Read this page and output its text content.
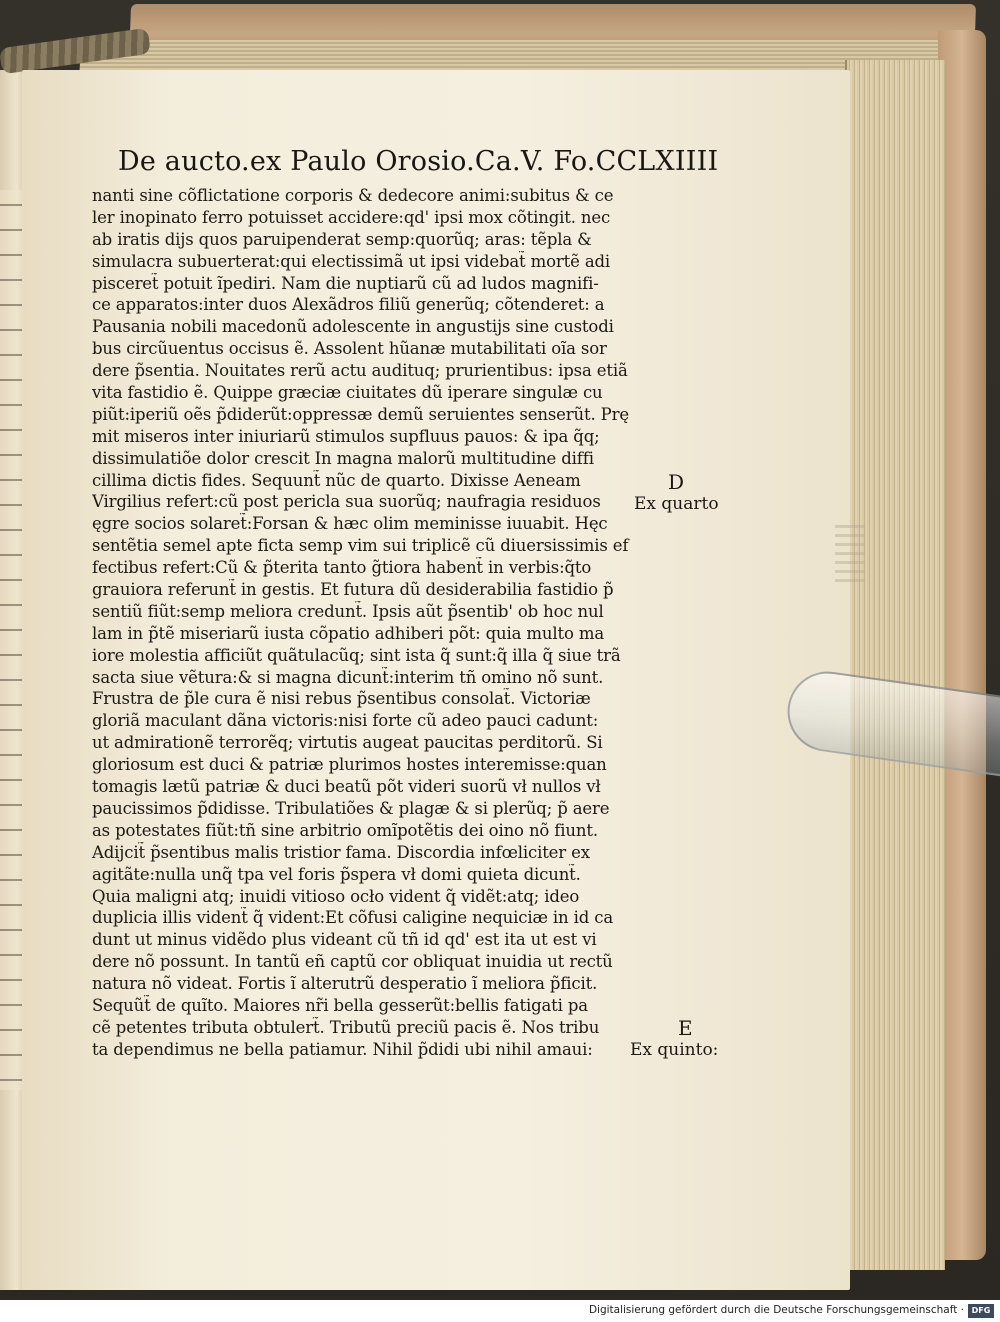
De aucto.ex Paulo Orosio.Ca.V. Fo.CCLXIIII
nanti sine cõflictatione corporis & dedecore animi:subitus & ce
ler inopinato ferro potuisset accidere:qd' ipsi mox cõtingit. nec
ab iratis dijs quos paruipenderat semp:quorũq; aras: tẽpla &
simulacra subuerterat:qui electissimã ut ipsi videbat̃ mortẽ adi
pisceret̃ potuit ĩpediri. Nam die nuptiarũ cũ ad ludos magnifi-
ce apparatos:inter duos Alexãdros filiũ generũq; cõtenderet: a
Pausania nobili macedonũ adolescente in angustijs sine custodi
bus circũuentus occisus ẽ. Assolent hũanæ mutabilitati oĩa sor
dere p̃sentia. Nouitates rerũ actu audituq; prurientibus: ipsa etiã
vita fastidio ẽ. Quippe græciæ ciuitates dũ iperare singulæ cu
piũt:iperiũ oẽs p̃diderũt:oppressæ demũ seruientes senserũt. Prę
mit miseros inter iniuriarũ stimulos supfluus pauos: & ipa q̃q;
dissimulatiõe dolor crescit In magna malorũ multitudine diffi
cillima dictis fides. Sequunt̃ nũc de quarto. Dixisse Aeneam
Virgilius refert:cũ post pericla sua suorũq; naufragia residuos
ęgre socios solaret̃:Forsan & hæc olim meminisse iuuabit. Hęc
sentẽtia semel apte ficta semp vim sui triplicẽ cũ diuersissimis ef
fectibus refert:Cũ & p̃terita tanto g̃tiora habent̃ in verbis:q̃to
grauiora referunt̃ in gestis. Et futura dũ desiderabilia fastidio p̃
sentiũ fiũt:semp meliora credunt̃. Ipsis aũt p̃sentib' ob hoc nul
lam in p̃tẽ miseriarũ iusta cõpatio adhiberi põt: quia multo ma
iore molestia afficiũt quãtulacũq; sint ista q̃ sunt:q̃ illa q̃ siue trã
sacta siue vẽtura:& si magna dicunt̃:interim tñ omino nõ sunt.
Frustra de p̃le cura ẽ nisi rebus p̃sentibus consolat̃. Victoriæ
gloriã maculant dãna victoris:nisi forte cũ adeo pauci cadunt:
ut admirationẽ terrorẽq; virtutis augeat paucitas perditorũ. Si
gloriosum est duci & patriæ plurimos hostes interemisse:quan
tomagis lætũ patriæ & duci beatũ põt videri suorũ vł nullos vł
paucissimos p̃didisse. Tribulatiões & plagæ & si plerũq; p̃ aere
as potestates fiũt:tñ sine arbitrio omĩpotẽtis dei oino nõ fiunt.
Adijcit̃ p̃sentibus malis tristior fama. Discordia infœliciter ex
agitãte:nulla unq̃ tpa vel foris p̃spera vł domi quieta dicunt̃.
Quia maligni atq; inuidi vitioso ocło vident q̃ vidẽt:atq; ideo
duplicia illis vident̃ q̃ vident:Et cõfusi caligine nequiciæ in id ca
dunt ut minus vidẽdo plus videant cũ tñ id qd' est ita ut est vi
dere nõ possunt. In tantũ eñ captũ cor obliquat inuidia ut rectũ
natura nõ videat. Fortis ĩ alterutrũ desperatio ĩ meliora p̃ficit.
Sequũt̃ de quĩto. Maiores nr̃i bella gesserũt:bellis fatigati pa
cẽ petentes tributa obtulert̃. Tributũ preciũ pacis ẽ. Nos tribu
ta dependimus ne bella patiamur. Nihil p̃didi ubi nihil amaui:
D
Ex quarto
E
Ex quinto:
Digitalisierung gefördert durch die Deutsche Forschungsgemeinschaft · DFG
